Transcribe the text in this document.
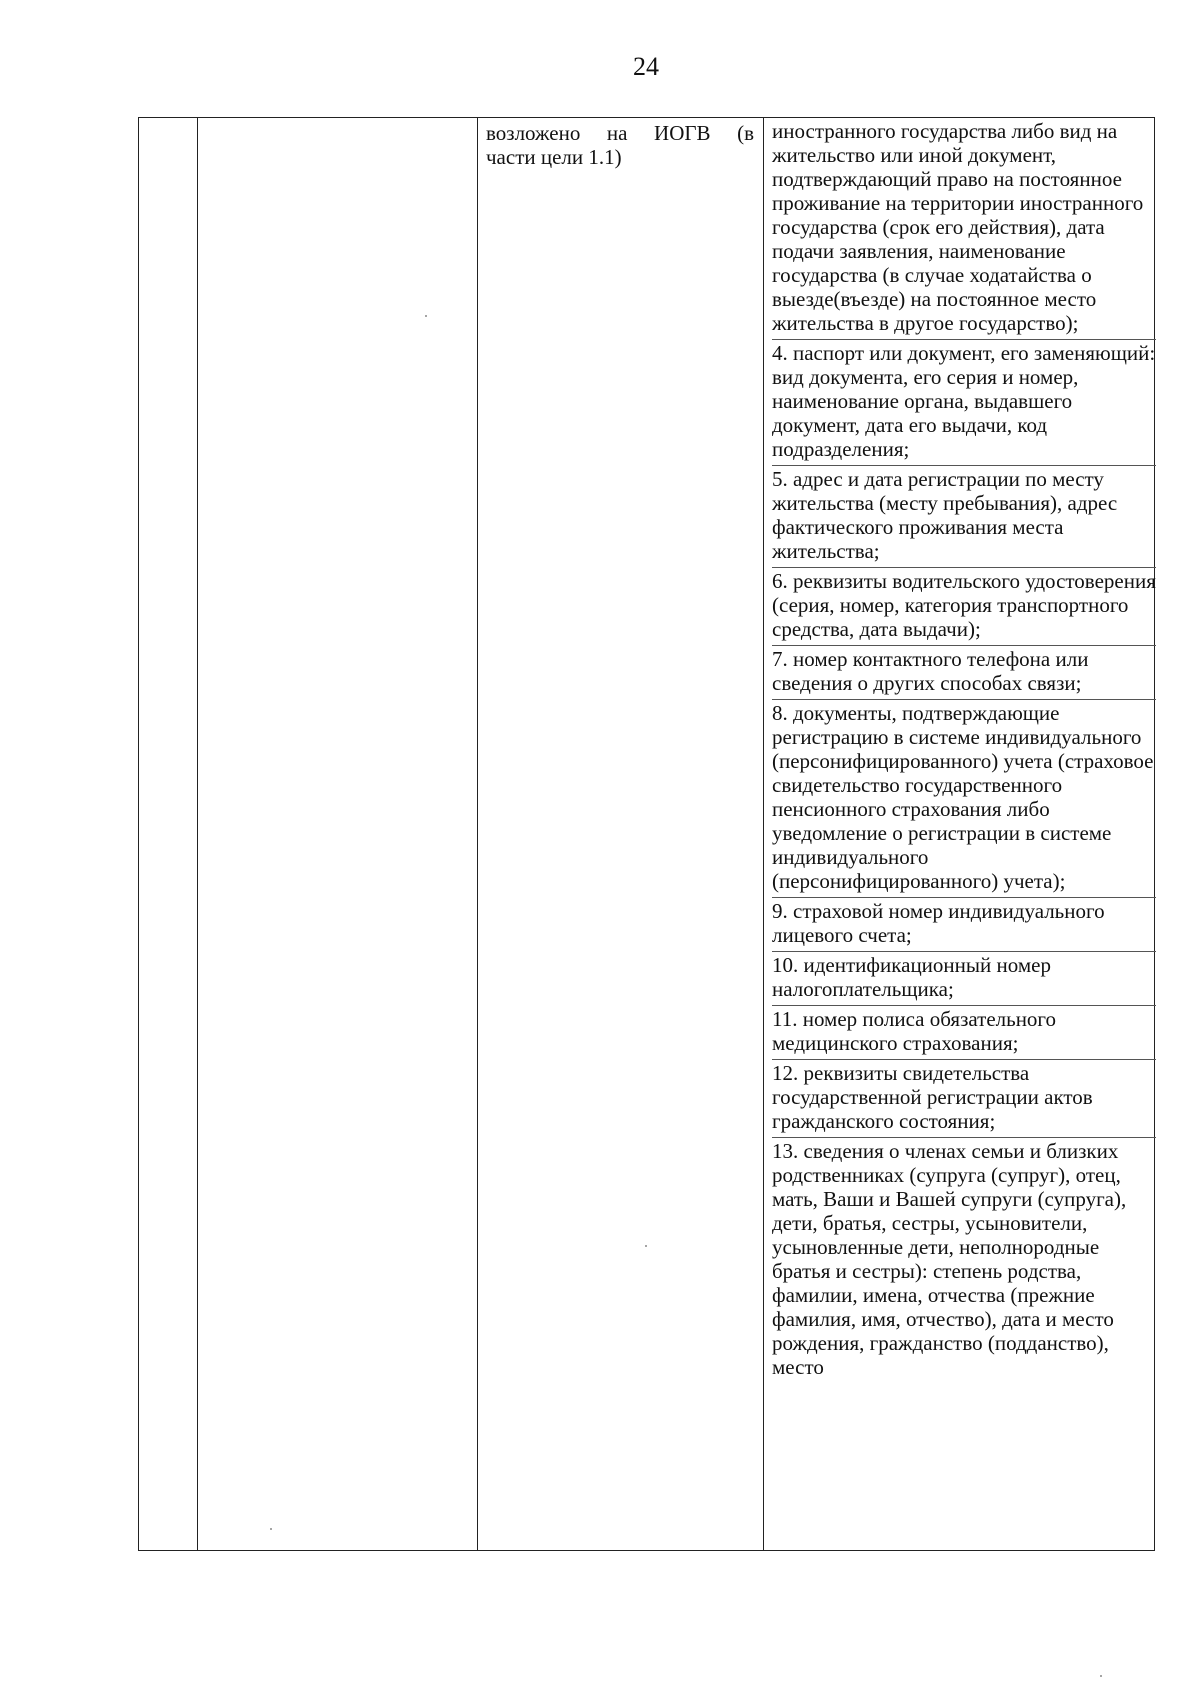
24
возложено на ИОГВ (в
части цели 1.1)
иностранного государства либо вид на жительство или иной документ, подтверждающий право на постоянное проживание на территории иностранного государства (срок его действия), дата подачи заявления, наименование государства (в случае ходатайства о выезде(въезде) на постоянное место жительства в другое государство);
4. паспорт или документ, его заменяющий: вид документа, его серия и номер, наименование органа, выдавшего документ, дата его выдачи, код подразделения;
5. адрес и дата регистрации по месту жительства (месту пребывания), адрес фактического проживания места жительства;
6. реквизиты водительского удостоверения (серия, номер, категория транспортного средства, дата выдачи);
7. номер контактного телефона или сведения о других способах связи;
8. документы, подтверждающие регистрацию в системе индивидуального (персонифицированного) учета (страховое свидетельство государственного пенсионного страхования либо уведомление о регистрации в системе индивидуального (персонифицированного) учета);
9. страховой номер индивидуального лицевого счета;
10. идентификационный номер налогоплательщика;
11. номер полиса обязательного медицинского страхования;
12. реквизиты свидетельства государственной регистрации актов гражданского состояния;
13. сведения о членах семьи и близких родственниках (супруга (супруг), отец, мать, Ваши и Вашей супруги (супруга), дети, братья, сестры, усыновители, усыновленные дети, неполнородные братья и сестры): степень родства, фамилии, имена, отчества (прежние фамилия, имя, отчество), дата и место рождения, гражданство (подданство), место
